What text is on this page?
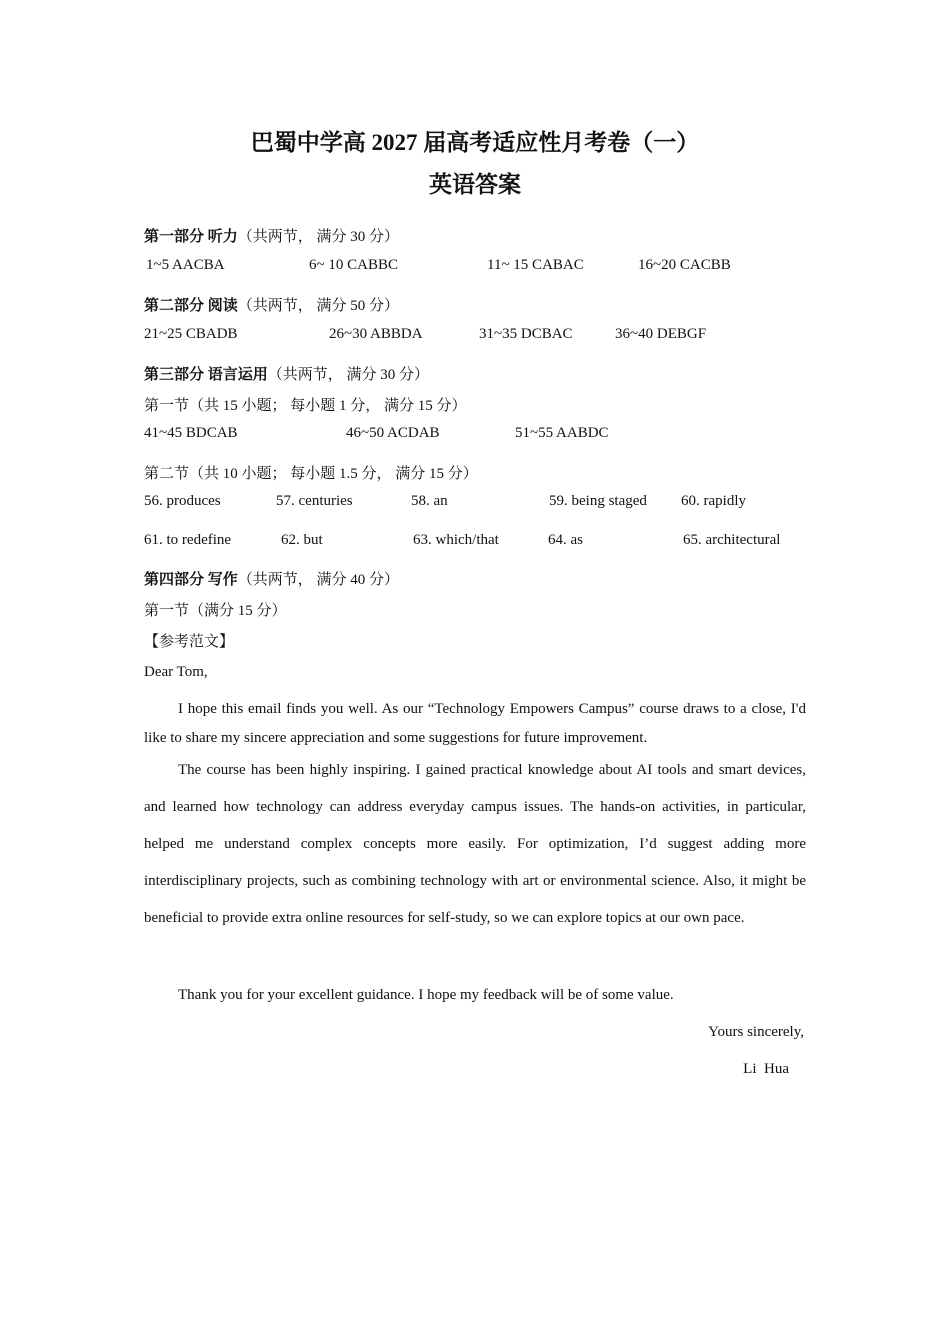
巴蜀中学高 2027 届高考适应性月考卷（一）
英语答案
第一部分 听力（共两节， 满分 30 分）
1~5 AACBA	6~ 10 CABBC	11~ 15 CABAC	16~20 CACBB
第二部分 阅读（共两节， 满分 50 分）
21~25 CBADB	26~30 ABBDA	31~35 DCBAC	36~40 DEBGF
第三部分 语言运用（共两节， 满分 30 分）
第一节（共 15 小题； 每小题 1 分， 满分 15 分）
41~45 BDCAB	46~50 ACDAB	51~55 AABDC
第二节（共 10 小题； 每小题 1.5 分， 满分 15 分）
56. produces	57. centuries	58. an	59. being staged 60. rapidly
61. to redefine	62. but	63. which/that	64. as	65. architectural
第四部分 写作（共两节， 满分 40 分）
第一节（满分 15 分）
【参考范文】
Dear Tom,
I hope this email finds you well. As our “Technology Empowers Campus” course draws to a close, I'd like to share my sincere appreciation and some suggestions for future improvement.
The course has been highly inspiring. I gained practical knowledge about AI tools and smart devices, and learned how technology can address everyday campus issues. The hands-on activities, in particular, helped me understand complex concepts more easily. For optimization, I’d suggest adding more interdisciplinary projects, such as combining technology with art or environmental science. Also, it might be beneficial to provide extra online resources for self-study, so we can explore topics at our own pace.
Thank you for your excellent guidance. I hope my feedback will be of some value.
Yours sincerely,
Li  Hua
